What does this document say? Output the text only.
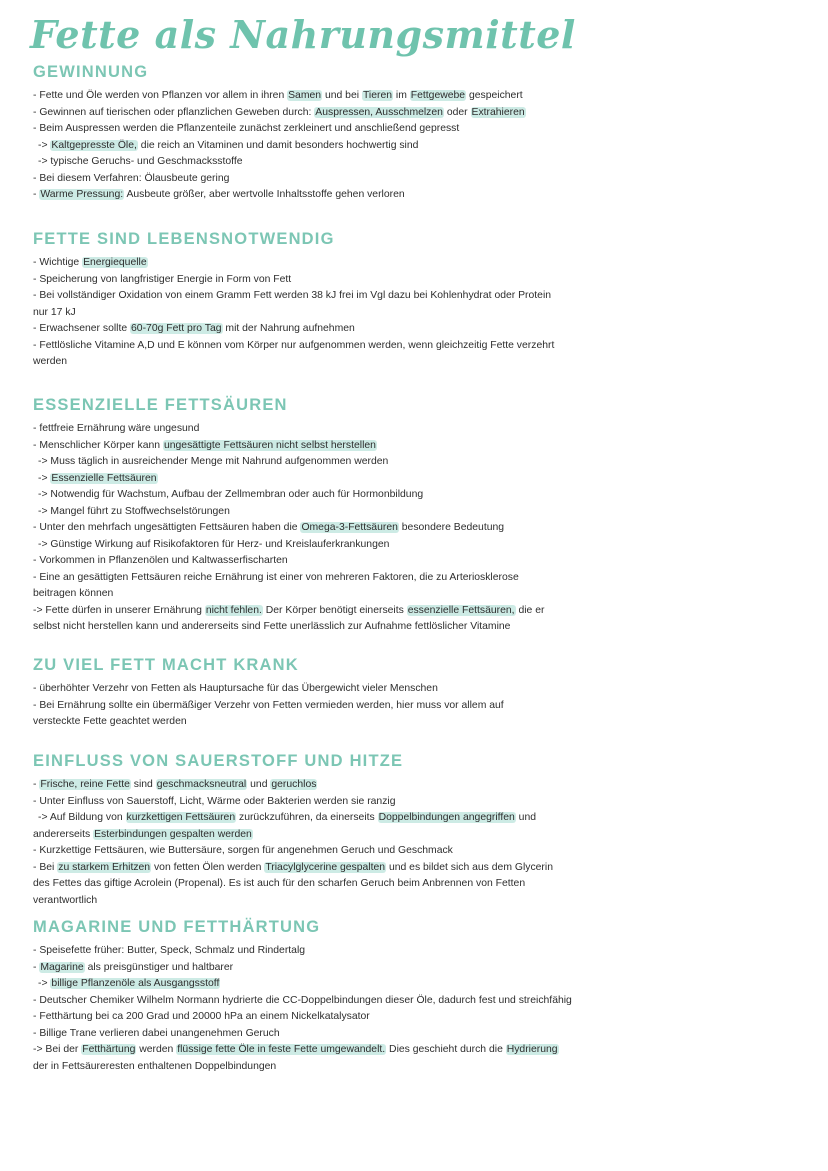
Fette als Nahrungsmittel
GEWINNUNG
- Fette und Öle werden von Pflanzen vor allem in ihren Samen und bei Tieren im Fettgewebe gespeichert
- Gewinnen auf tierischen oder pflanzlichen Geweben durch: Auspressen, Ausschmelzen oder Extrahieren
- Beim Auspressen werden die Pflanzenteile zunächst zerkleinert und anschließend gepresst
-> Kaltgepresste Öle, die reich an Vitaminen und damit besonders hochwertig sind
-> typische Geruchs- und Geschmacksstoffe
- Bei diesem Verfahren: Ölausbeute gering
- Warme Pressung: Ausbeute größer, aber wertvolle Inhaltsstoffe gehen verloren
FETTE SIND LEBENSNOTWENDIG
- Wichtige Energiequelle
- Speicherung von langfristiger Energie in Form von Fett
- Bei vollständiger Oxidation von einem Gramm Fett werden 38 kJ frei im Vgl dazu bei Kohlenhydrat oder Protein
nur 17 kJ
- Erwachsener sollte 60-70g Fett pro Tag mit der Nahrung aufnehmen
- Fettlösliche Vitamine A,D und E können vom Körper nur aufgenommen werden, wenn gleichzeitig Fette verzehrt
werden
ESSENZIELLE FETTSÄUREN
- fettfreie Ernährung wäre ungesund
- Menschlicher Körper kann ungesättigte Fettsäuren nicht selbst herstellen
-> Muss täglich in ausreichender Menge mit Nahrund aufgenommen werden
-> Essenzielle Fettsäuren
-> Notwendig für Wachstum, Aufbau der Zellmembran oder auch für Hormonbildung
-> Mangel führt zu Stoffwechselstörungen
- Unter den mehrfach ungesättigten Fettsäuren haben die Omega-3-Fettsäuren besondere Bedeutung
-> Günstige Wirkung auf Risikofaktoren für Herz- und Kreislauferkrankungen
- Vorkommen in Pflanzenölen und Kaltwasserfischarten
- Eine an gesättigten Fettsäuren reiche Ernährung ist einer von mehreren Faktoren, die zu Arteriosklerose
beitragen können
-> Fette dürfen in unserer Ernährung nicht fehlen. Der Körper benötigt einerseits essenzielle Fettsäuren, die er
selbst nicht herstellen kann und andererseits sind Fette unerlässlich zur Aufnahme fettlöslicher Vitamine
ZU VIEL FETT MACHT KRANK
- überhöhter Verzehr von Fetten als Hauptursache für das Übergewicht vieler Menschen
- Bei Ernährung sollte ein übermäßiger Verzehr von Fetten vermieden werden, hier muss vor allem auf
versteckte Fette geachtet werden
EINFLUSS VON SAUERSTOFF UND HITZE
- Frische, reine Fette sind geschmacksneutral und geruchlos
- Unter Einfluss von Sauerstoff, Licht, Wärme oder Bakterien werden sie ranzig
-> Auf Bildung von kurzkettigen Fettsäuren zurückzuführen, da einerseits Doppelbindungen angegriffen und
andererseits Esterbindungen gespalten werden
- Kurzkettige Fettsäuren, wie Buttersäure, sorgen für angenehmen Geruch und Geschmack
- Bei zu starkem Erhitzen von fetten Ölen werden Triacylglycerine gespalten und es bildet sich aus dem Glycerin
des Fettes das giftige Acrolein (Propenal). Es ist auch für den scharfen Geruch beim Anbrennen von Fetten
verantwortlich
MAGARINE UND FETTHÄRTUNG
- Speisefette früher: Butter, Speck, Schmalz und Rindertalg
- Magarine als preisgünstiger und haltbarer
-> billige Pflanzenöle als Ausgangsstoff
- Deutscher Chemiker Wilhelm Normann hydrierte die CC-Doppelbindungen dieser Öle, dadurch fest und streichfähig
- Fetthärtung bei ca 200 Grad und 20000 hPa an einem Nickelkatalysator
- Billige Trane verlieren dabei unangenehmen Geruch
-> Bei der Fetthärtung werden flüssige fette Öle in feste Fette umgewandelt. Dies geschieht durch die Hydrierung
der in Fettsäureresten enthaltenen Doppelbindungen
